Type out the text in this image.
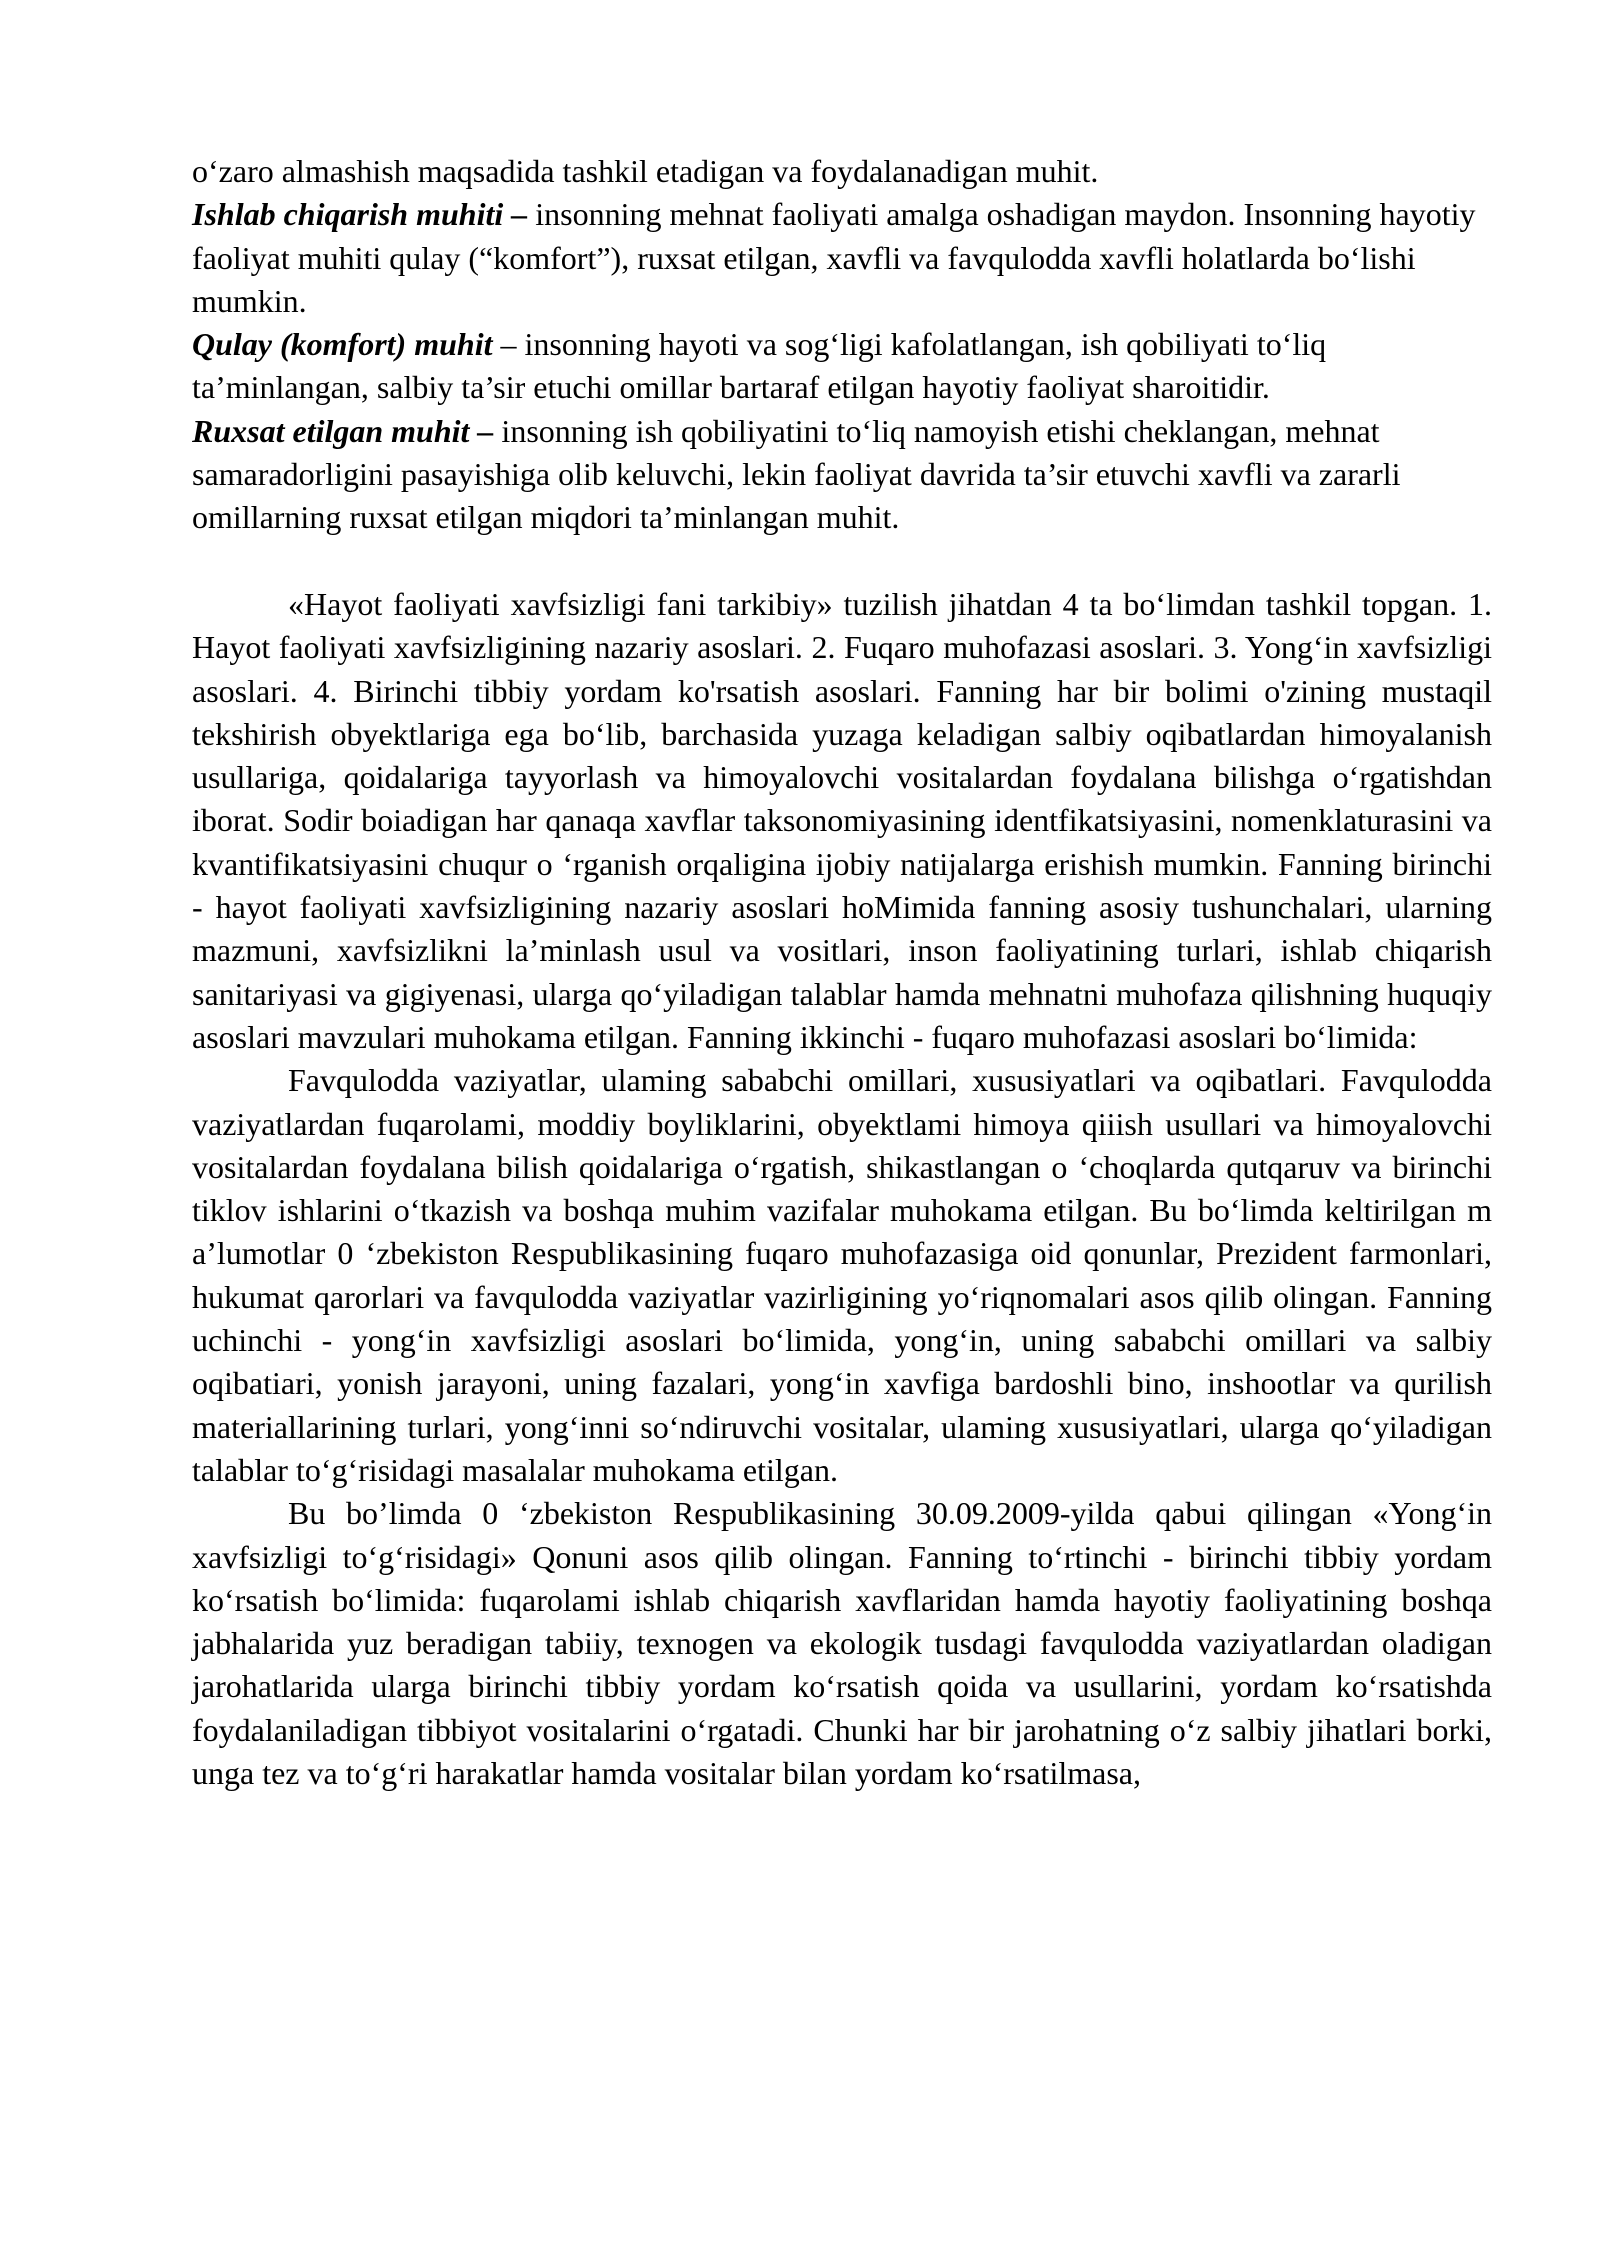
o‘zaro almashish maqsadida tashkil etadigan va foydalanadigan muhit.

Ishlab chiqarish muhiti – insonning mehnat faoliyati amalga oshadigan maydon. Insonning hayotiy faoliyat muhiti qulay (“komfort”), ruxsat etilgan, xavfli va favqulodda xavfli holatlarda bo‘lishi mumkin.

Qulay (komfort) muhit – insonning hayoti va sog‘ligi kafolatlangan, ish qobiliyati to‘liq ta’minlangan, salbiy ta’sir etuchi omillar bartaraf etilgan hayotiy faoliyat sharoitidir.

Ruxsat etilgan muhit – insonning ish qobiliyatini to‘liq namoyish etishi cheklangan, mehnat samaradorligini pasayishiga olib keluvchi, lekin faoliyat davrida ta’sir etuvchi xavfli va zararli omillarning ruxsat etilgan miqdori ta’minlangan muhit.

«Hayot faoliyati xavfsizligi fani tarkibiy» tuzilish jihatdan 4 ta bo‘limdan tashkil topgan. 1. Hayot faoliyati xavfsizligining nazariy asoslari. 2. Fuqaro muhofazasi asoslari. 3. Yong‘in xavfsizligi asoslari. 4. Birinchi tibbiy yordam ko'rsatish asoslari. Fanning har bir bolimi o'zining mustaqil tekshirish obyektlariga ega bo‘lib, barchasida yuzaga keladigan salbiy oqibatlardan himoyalanish usullariga, qoidalariga tayyorlash va himoyalovchi vositalardan foydalana bilishga o‘rgatishdan iborat. Sodir boiadigan har qanaqa xavflar taksonomiyasining identfikatsiyasini, nomenklaturasini va kvantifikatsiyasini chuqur o ‘rganish orqaligina ijobiy natijalarga erishish mumkin. Fanning birinchi - hayot faoliyati xavfsizligining nazariy asoslari hoMimida fanning asosiy tushunchalari, ularning mazmuni, xavfsizlikni la’minlash usul va vositlari, inson faoliyatining turlari, ishlab chiqarish sanitariyasi va gigiyenasi, ularga qo‘yiladigan talablar hamda mehnatni muhofaza qilishning huquqiy asoslari mavzulari muhokama etilgan. Fanning ikkinchi - fuqaro muhofazasi asoslari bo‘limida:

Favqulodda vaziyatlar, ulaming sababchi omillari, xususiyatlari va oqibatlari. Favqulodda vaziyatlardan fuqarolami, moddiy boyliklarini, obyektlami himoya qiiish usullari va himoyalovchi vositalardan foydalana bilish qoidalariga o‘rgatish, shikastlangan o ‘choqlarda qutqaruv va birinchi tiklov ishlarini o‘tkazish va boshqa muhim vazifalar muhokama etilgan. Bu bo‘limda keltirilgan m a’lumotlar 0 ‘zbekiston Respublikasining fuqaro muhofazasiga oid qonunlar, Prezident farmonlari, hukumat qarorlari va favqulodda vaziyatlar vazirligining yo‘riqnomalari asos qilib olingan. Fanning uchinchi - yong‘in xavfsizligi asoslari bo‘limida, yong‘in, uning sababchi omillari va salbiy oqibatiari, yonish jarayoni, uning fazalari, yong‘in xavfiga bardoshli bino, inshootlar va qurilish materiallarining turlari, yong‘inni so‘ndiruvchi vositalar, ulaming xususiyatlari, ularga qo‘yiladigan talablar to‘g‘risidagi masalalar muhokama etilgan.

Bu bo’limda 0 ‘zbekiston Respublikasining 30.09.2009-yilda qabui qilingan «Yong‘in xavfsizligi to‘g‘risidagi» Qonuni asos qilib olingan. Fanning to‘rtinchi - birinchi tibbiy yordam ko‘rsatish bo‘limida: fuqarolami ishlab chiqarish xavflaridan hamda hayotiy faoliyatining boshqa jabhalarida yuz beradigan tabiiy, texnogen va ekologik tusdagi favqulodda vaziyatlardan oladigan jarohatlarida ularga birinchi tibbiy yordam ko‘rsatish qoida va usullarini, yordam ko‘rsatishda foydalaniladigan tibbiyot vositalarini o‘rgatadi. Chunki har bir jarohatning o‘z salbiy jihatlari borki, unga tez va to‘g‘ri harakatlar hamda vositalar bilan yordam ko‘rsatilmasa,
